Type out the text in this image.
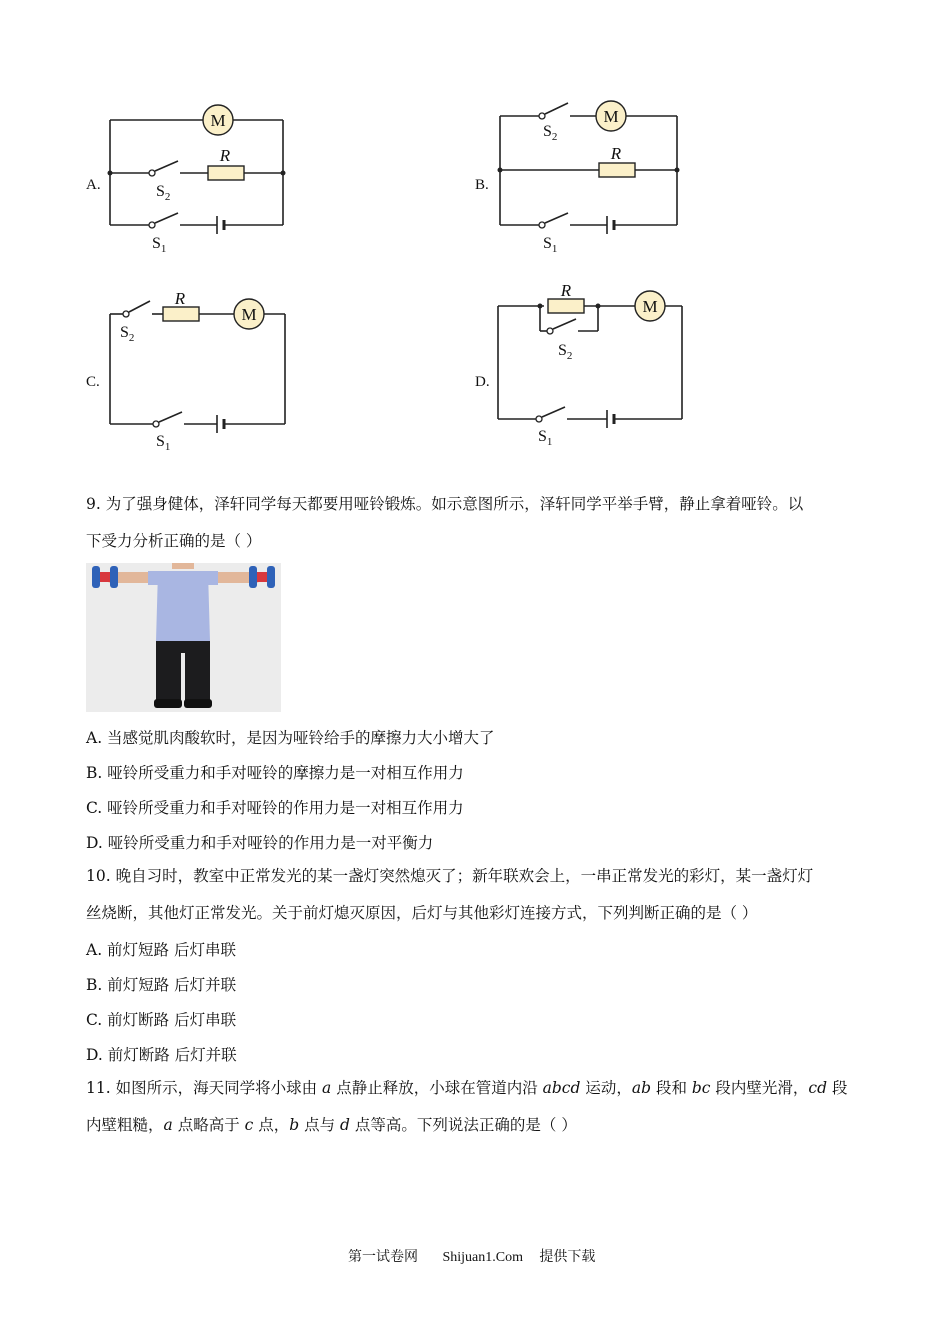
A.
M
R
$S_2$
$S_1$
B.
M
R
$S_2$
$S_1$
C.
M
R
$S_2$
$S_1$
D.
M
R
$S_2$
$S_1$
9. 为了强身健体，泽轩同学每天都要用哑铃锻炼。如示意图所示，泽轩同学平举手臂，静止拿着哑铃。以
下受力分析正确的是（ ）
A. 当感觉肌肉酸软时，是因为哑铃给手的摩擦力大小增大了
B. 哑铃所受重力和手对哑铃的摩擦力是一对相互作用力
C. 哑铃所受重力和手对哑铃的作用力是一对相互作用力
D. 哑铃所受重力和手对哑铃的作用力是一对平衡力
10. 晚自习时，教室中正常发光的某一盏灯突然熄灭了；新年联欢会上，一串正常发光的彩灯，某一盏灯灯
丝烧断，其他灯正常发光。关于前灯熄灭原因，后灯与其他彩灯连接方式，下列判断正确的是（ ）
A. 前灯短路 后灯串联
B. 前灯短路 后灯并联
C. 前灯断路 后灯串联
D. 前灯断路 后灯并联
11. 如图所示，海天同学将小球由 a 点静止释放，小球在管道内沿 abcd 运动，ab 段和 bc 段内壁光滑，cd 段
内壁粗糙，a 点略高于 c 点，b 点与 d 点等高。下列说法正确的是（ ）
第一试卷网 Shijuan1.Com 提供下载
